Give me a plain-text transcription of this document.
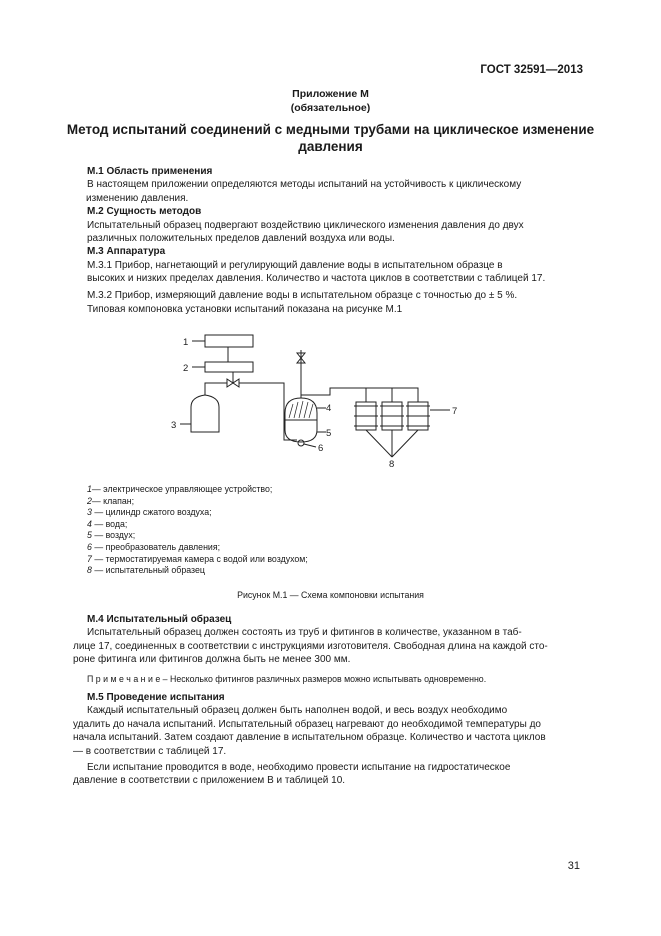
ГОСТ 32591—2013
Приложение М
(обязательное)
Метод испытаний соединений с медными трубами на циклическое изменение
давления

М.1 Область применения

В настоящем приложении определяются методы испытаний на устойчивость к циклическому

изменению давления.

М.2 Сущность методов

Испытательный образец подвергают воздействию циклического изменения давления до двух

различных положительных пределов давлений воздуха или воды.

М.3 Аппаратура

М.3.1 Прибор, нагнетающий и регулирующий давление воды в испытательном образце в

высоких и низких пределах давления. Количество и частота циклов в соответствии с таблицей 17.

М.3.2 Прибор, измеряющий давление воды в испытательном образце с точностью до ± 5 %.

Типовая компоновка установки испытаний показана на рисунке М.1

1
2
3
4
5
6
7
8
1— электрическое управляющее устройство;
2— клапан;
3 — цилиндр сжатого воздуха;
4 — вода;
5 — воздух;
6 — преобразователь давления;
7 — термостатируемая камера с водой или воздухом;
8 — испытательный образец
Рисунок М.1 — Схема компоновки испытания

М.4 Испытательный образец

Испытательный образец должен состоять из труб и фитингов в количестве, указанном в таб-

лице 17, соединенных в соответствии с инструкциями изготовителя. Свободная длина на каждой сто-

роне фитинга или фитингов должна быть не менее 300 мм.

П р и м е ч а н и е – Несколько фитингов различных размеров можно испытывать одновременно.

М.5 Проведение испытания

Каждый испытательный образец должен быть наполнен водой, и весь воздух необходимо

удалить до начала испытаний. Испытательный образец нагревают до необходимой температуры до

начала испытаний. Затем создают давление в испытательном образце. Количество и частота циклов

— в соответствии с таблицей 17.

Если испытание проводится в воде, необходимо провести испытание на гидростатическое

давление в соответствии с приложением В и таблицей 10.

31
